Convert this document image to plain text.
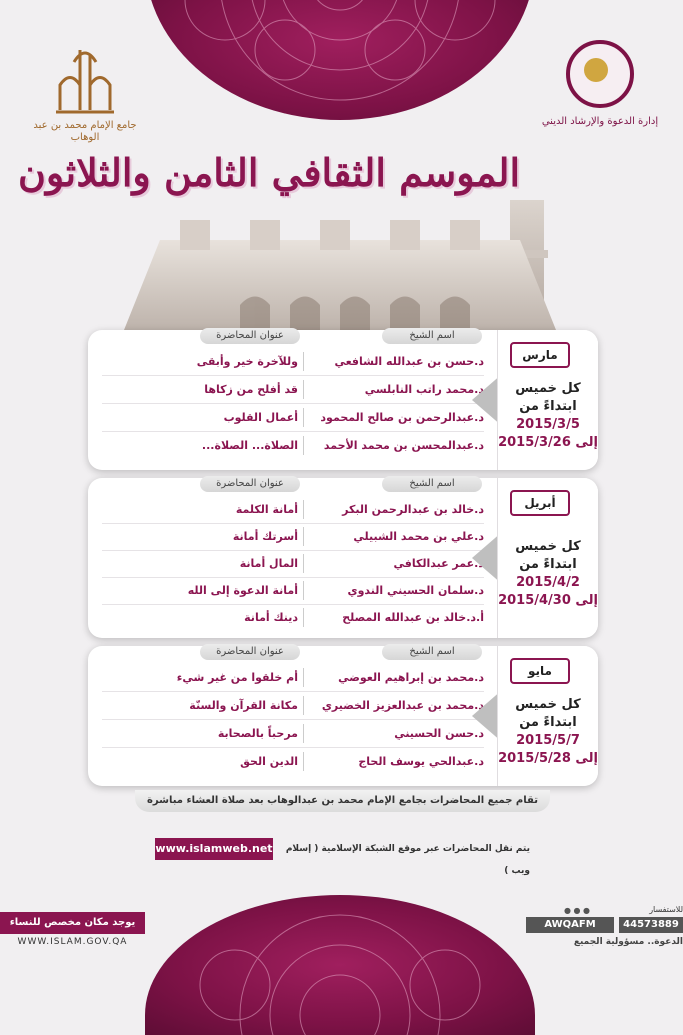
جامع الإمام محمد بن عبد الوهاب
إدارة الدعوة والإرشاد الديني
الموسم الثقافي الثامن والثلاثون
اسم الشيخ
عنوان المحاضرة
د.حسن بن عبدالله الشافعي
وللآخرة خير وأبقى
د.محمد راتب النابلسي
قد أفلح من زكاها
د.عبدالرحمن بن صالح المحمود
أعمال القلوب
د.عبدالمحسن بن محمد الأحمد
الصلاة... الصلاة...
مارس
كل خميس
ابتداءً من
2015/3/5
إلى 2015/3/26
اسم الشيخ
عنوان المحاضرة
د.خالد بن عبدالرحمن البكر
أمانة الكلمة
د.علي بن محمد الشبيلي
أسرتك أمانة
د.عمر عبدالكافي
المال أمانة
د.سلمان الحسيني الندوي
أمانة الدعوة إلى الله
أ.د.خالد بن عبدالله المصلح
دينك أمانة
أبريل
كل خميس
ابتداءً من
2015/4/2
إلى 2015/4/30
اسم الشيخ
عنوان المحاضرة
د.محمد بن إبراهيم العوضي
أم خلقوا من غير شيء
د.محمد بن عبدالعزيز الخضيري
مكانة القرآن والسنّة
د.حسن الحسيني
مرحباً بالصحابة
د.عبدالحي يوسف الحاج
الدين الحق
مايو
كل خميس
ابتداءً من
2015/5/7
إلى 2015/5/28
تقام جميع المحاضرات بجامع الإمام محمد بن عبدالوهاب بعد صلاة العشاء مباشرة
www.islamweb.net	يتم نقل المحاضرات عبر موقع الشبكة الإسلامية ( إسلام ويب )
يوجد مكان مخصص للنساء
WWW.ISLAM.GOV.QA
للاستفسار
● ● ●
AWQAFM	44573889
الدعوة.. مسؤولية الجميع
